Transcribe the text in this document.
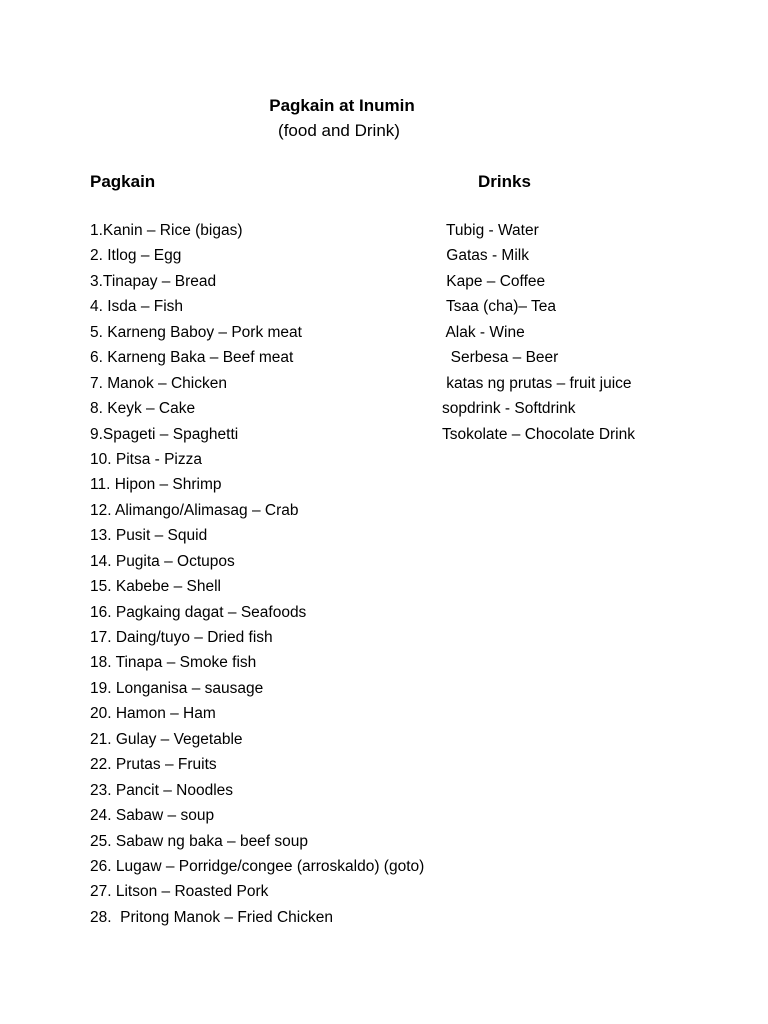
Pagkain at Inumin
(food and Drink)
Pagkain	Drinks
1.Kanin – Rice (bigas)
2. Itlog – Egg
3.Tinapay – Bread
4. Isda – Fish
5. Karneng Baboy – Pork meat
6. Karneng Baka – Beef meat
7. Manok – Chicken
8. Keyk – Cake
9.Spageti – Spaghetti
10. Pitsa - Pizza
11. Hipon – Shrimp
12. Alimango/Alimasag – Crab
13. Pusit – Squid
14. Pugita – Octupos
15. Kabebe – Shell
16. Pagkaing dagat – Seafoods
17. Daing/tuyo – Dried fish
18. Tinapa – Smoke fish
19. Longanisa – sausage
20. Hamon – Ham
21. Gulay – Vegetable
22. Prutas – Fruits
23. Pancit – Noodles
24. Sabaw – soup
25. Sabaw ng baka – beef soup
26. Lugaw – Porridge/congee (arroskaldo) (goto)
27. Litson – Roasted Pork
28.  Pritong Manok – Fried Chicken
Tubig - Water
Gatas - Milk
Kape – Coffee
Tsaa (cha)– Tea
Alak - Wine
Serbesa – Beer
katas ng prutas – fruit juice
sopdrink - Softdrink
Tsokolate – Chocolate Drink
